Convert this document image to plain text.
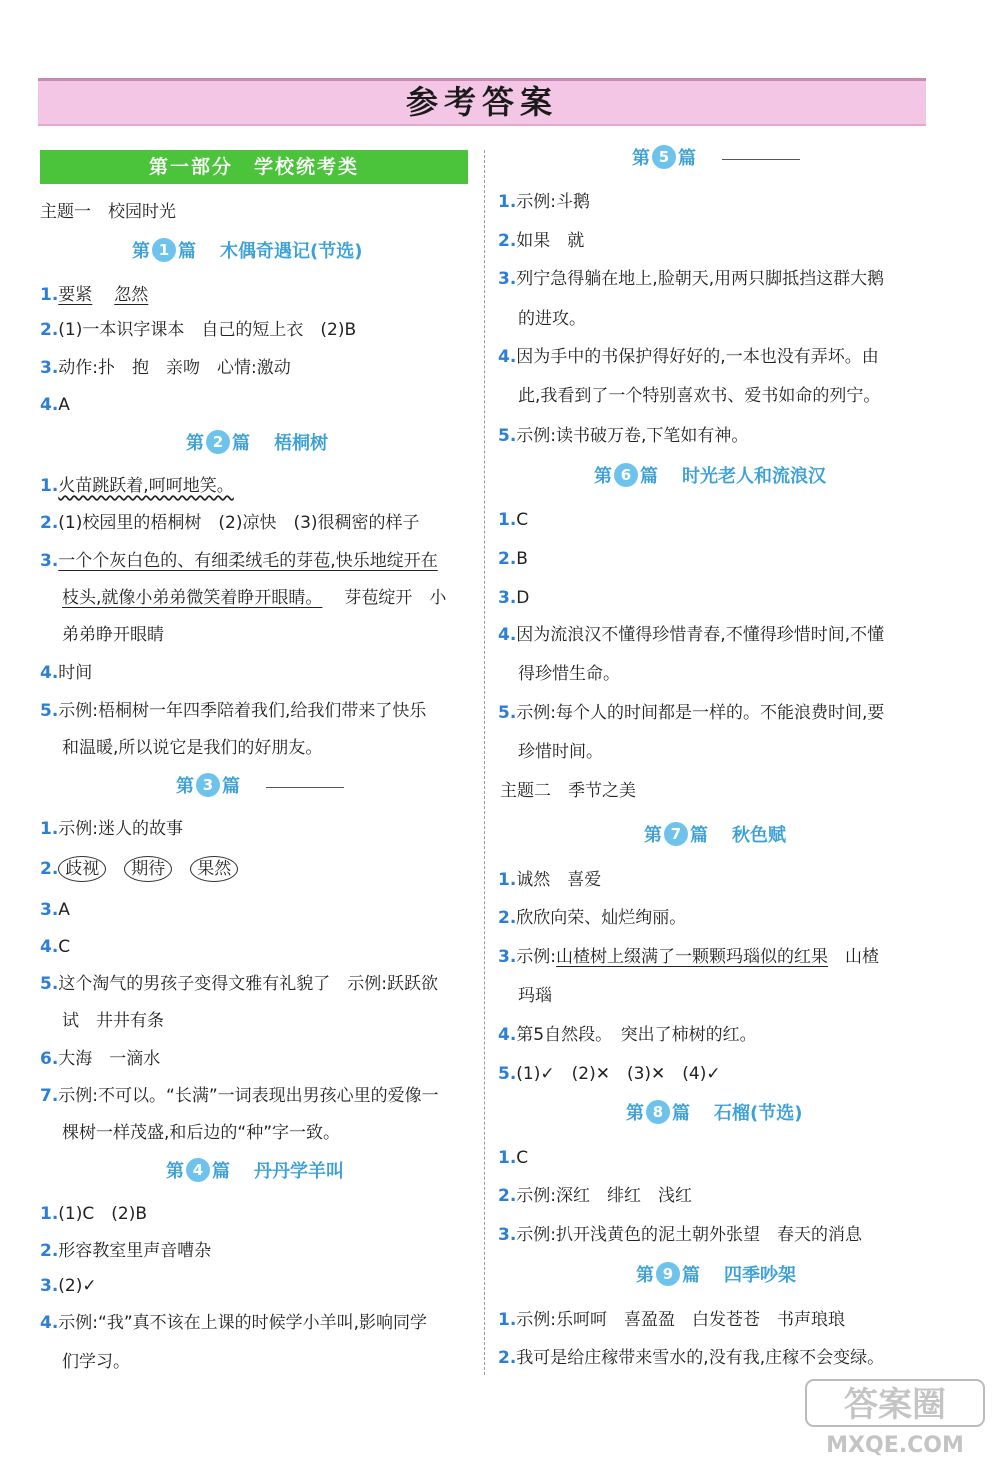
参考答案
第一部分　学校统考类
主题一　校园时光
第 1 篇 木偶奇遇记(节选)
1.要紧 忽然
2.(1)一本识字课本　自己的短上衣　(2)B
3.动作:扑　抱　亲吻　心情:激动
4.A
第 2 篇 梧桐树
1.火苗跳跃着,呵呵地笑。
2.(1)校园里的梧桐树　(2)凉快　(3)很稠密的样子
3.一个个灰白色的、有细柔绒毛的芽苞,快乐地绽开在
枝头,就像小弟弟微笑着睁开眼睛。 芽苞绽开　小
弟弟睁开眼睛
4.时间
5.示例:梧桐树一年四季陪着我们,给我们带来了快乐
和温暖,所以说它是我们的好朋友。
第 3 篇
1.示例:迷人的故事
2. 歧视 期待 果然
3.A
4.C
5.这个淘气的男孩子变得文雅有礼貌了　示例:跃跃欲
试　井井有条
6.大海　一滴水
7.示例:不可以。“长满”一词表现出男孩心里的爱像一
棵树一样茂盛,和后边的“种”字一致。
第 4 篇 丹丹学羊叫
1.(1)C　(2)B
2.形容教室里声音嘈杂
3.(2)✓
4.示例:“我”真不该在上课的时候学小羊叫,影响同学
们学习。
第 5 篇
1.示例:斗鹅
2.如果　就
3.列宁急得躺在地上,脸朝天,用两只脚抵挡这群大鹅
的进攻。
4.因为手中的书保护得好好的,一本也没有弄坏。由
此,我看到了一个特别喜欢书、爱书如命的列宁。
5.示例:读书破万卷,下笔如有神。
第 6 篇 时光老人和流浪汉
1.C
2.B
3.D
4.因为流浪汉不懂得珍惜青春,不懂得珍惜时间,不懂
得珍惜生命。
5.示例:每个人的时间都是一样的。不能浪费时间,要
珍惜时间。
主题二　季节之美
第 7 篇 秋色赋
1.诚然　喜爱
2.欣欣向荣、灿烂绚丽。
3.示例:山楂树上缀满了一颗颗玛瑙似的红果　山楂
玛瑙
4.第5自然段。　突出了柿树的红。
5.(1)✓　(2)✕　(3)✕　(4)✓
第 8 篇 石榴(节选)
1.C
2.示例:深红　绯红　浅红
3.示例:扒开浅黄色的泥土朝外张望　春天的消息
第 9 篇 四季吵架
1.示例:乐呵呵　喜盈盈　白发苍苍　书声琅琅
2.我可是给庄稼带来雪水的,没有我,庄稼不会变绿。
答案圈
MXQE.COM
